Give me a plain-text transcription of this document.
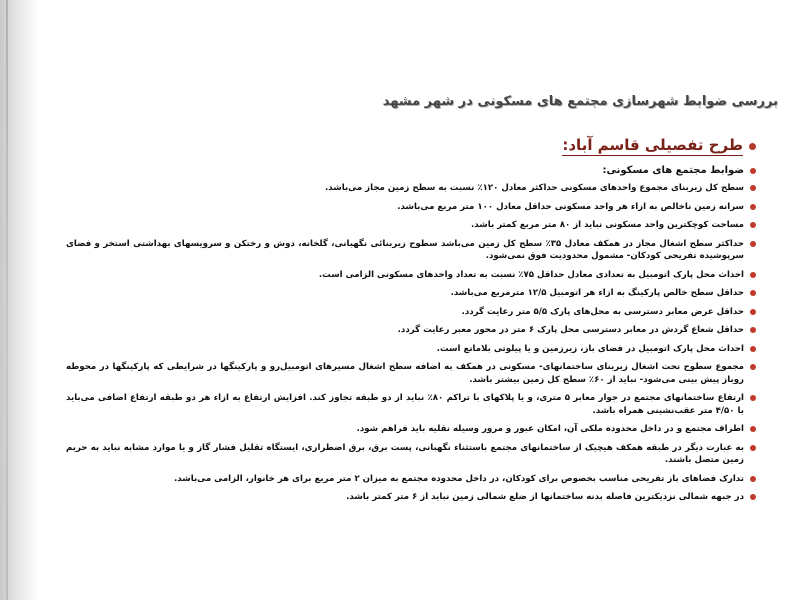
بررسی ضوابط شهرسازی مجتمع های مسکونی در شهر مشهد
طرح تفصیلی قاسم آباد:
ضوابط مجتمع های مسکونی:
سطح کل زیربنای مجموع واحدهای مسکونی حداکثر معادل ۱۲۰٪ نسبت به سطح زمین مجاز می‌باشد.
سرانه زمین ناخالص به ازاء هر واحد مسکونی حداقل معادل ۱۰۰ متر مربع می‌باشد.
مساحت کوچکترین واحد مسکونی نباید از ۸۰ متر مربع کمتر باشد.
حداکثر سطح اشغال مجاز در همکف معادل ۳۵٪ سطح کل زمین می‌باشد سطوح زیربنائی نگهبانی، گلخانه، دوش و رختکن و سرویسهای بهداشتی استخر و فضای سرپوشیده تفریحی کودکان- مشمول محدودیت فوق نمی‌شود.
احداث محل پارک اتومبیل به تعدادی معادل حداقل ۷۵٪ نسبت به تعداد واحدهای مسکونی الزامی است.
حداقل سطح خالص پارکینگ به ازاء هر اتومبیل ۱۲/۵ مترمربع می‌باشد.
حداقل عرض معابر دسترسی به محل‌های پارک ۵/۵ متر رعایت گردد.
حداقل شعاع گردش در معابر دسترسی محل پارک ۶ متر در محور معبر رعایت گردد.
احداث محل پارک اتومبیل در فضای باز، زیرزمین و یا پیلوتی بلامانع است.
مجموع سطوح تحت اشغال زیربنای ساختمانهای- مسکونی در همکف به اضافه سطح اشغال مسیرهای اتومبیل‌رو و پارکینگها در شرایطی که پارکینگها در محوطه روباز پیش بینی می‌شود- نباید از ۶۰٪ سطح کل زمین بیشتر باشد.
ارتفاع ساختمانهای مجتمع در جوار معابر ۵ متری، و یا پلاکهای با تراکم ۸۰٪ نباید از دو طبقه تجاوز کند. افزایش ارتفاع به ازاء هر دو طبقه ارتفاع اضافی می‌باید با ۴/۵۰ متر عقب‌نشینی همراه باشد.
اطراف مجتمع و در داخل محدوده ملکی آن، امکان عبور و مرور وسیله نقلیه باید فراهم شود.
به عبارت دیگر در طبقه همکف هیچیک از ساختمانهای مجتمع باستثناء نگهبانی، پست برق، برق اضطراری، ایستگاه تقلیل فشار گاز و یا موارد مشابه نباید به حریم زمین متصل باشند.
تدارک فضاهای باز تفریحی مناسب بخصوص برای کودکان، در داخل محدوده مجتمع به میزان ۲ متر مربع برای هر خانوار، الزامی می‌باشد.
در جبهه شمالی نزدیکترین فاصله بدنه ساختمانها از ضلع شمالی زمین نباید از ۶ متر کمتر باشد.
